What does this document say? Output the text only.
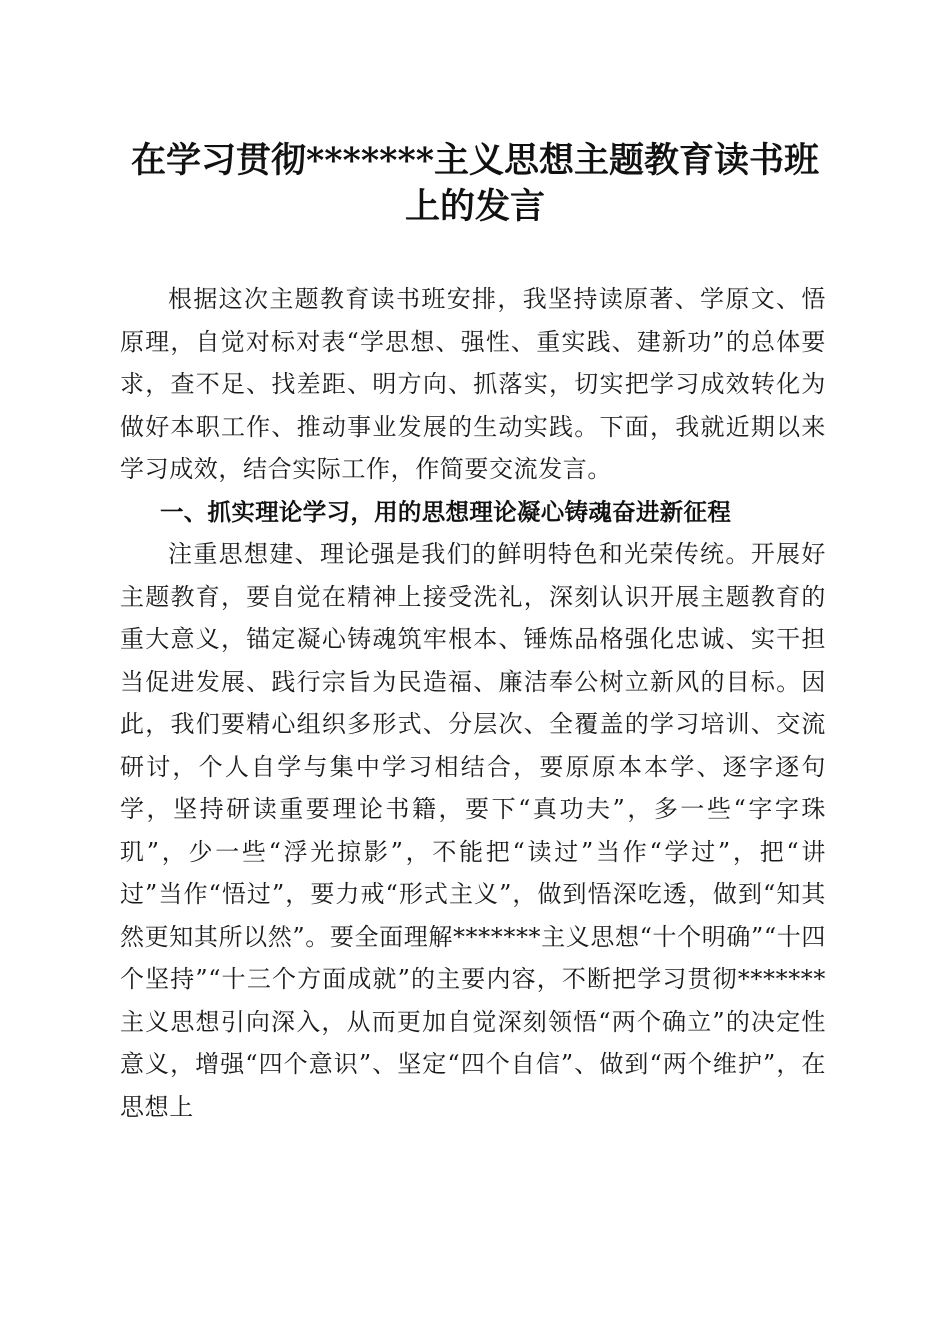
在学习贯彻*******主义思想主题教育读书班
上的发言

根据这次主题教育读书班安排，我坚持读原著、学原文、悟原理，自觉对标对表“学思想、强性、重实践、建新功”的总体要求，查不足、找差距、明方向、抓落实，切实把学习成效转化为做好本职工作、推动事业发展的生动实践。下面，我就近期以来学习成效，结合实际工作，作简要交流发言。

一、抓实理论学习，用的思想理论凝心铸魂奋进新征程

注重思想建、理论强是我们的鲜明特色和光荣传统。开展好主题教育，要自觉在精神上接受洗礼，深刻认识开展主题教育的重大意义，锚定凝心铸魂筑牢根本、锤炼品格强化忠诚、实干担当促进发展、践行宗旨为民造福、廉洁奉公树立新风的目标。因此，我们要精心组织多形式、分层次、全覆盖的学习培训、交流研讨，个人自学与集中学习相结合，要原原本本学、逐字逐句学，坚持研读重要理论书籍，要下“真功夫”，多一些“字字珠玑”，少一些“浮光掠影”，不能把“读过”当作“学过”，把“讲过”当作“悟过”，要力戒“形式主义”，做到悟深吃透，做到“知其然更知其所以然”。要全面理解*******主义思想“十个明确”“十四个坚持”“十三个方面成就”的主要内容，不断把学习贯彻*******主义思想引向深入，从而更加自觉深刻领悟“两个确立”的决定性意义，增强“四个意识”、坚定“四个自信”、做到“两个维护”，在思想上
